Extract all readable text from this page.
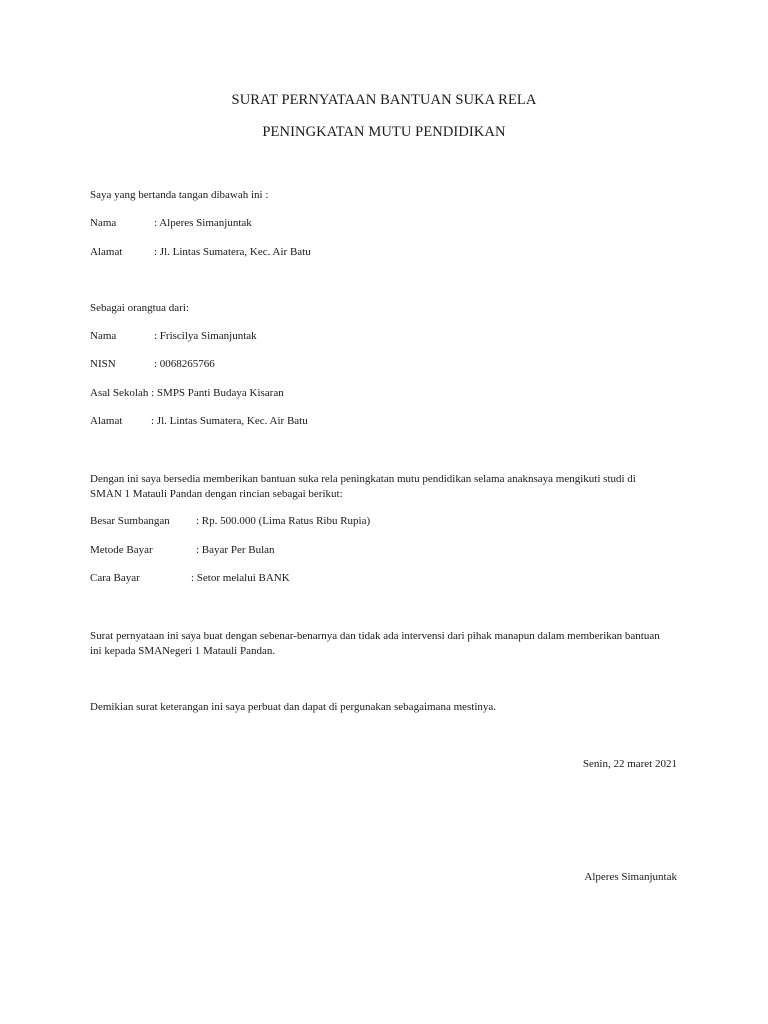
SURAT PERNYATAAN BANTUAN SUKA RELA
PENINGKATAN MUTU PENDIDIKAN
Saya yang bertanda tangan dibawah ini :
Nama	: Alperes Simanjuntak
Alamat	: Jl. Lintas Sumatera, Kec. Air Batu
Sebagai orangtua dari:
Nama	: Friscilya Simanjuntak
NISN	: 0068265766
Asal Sekolah : SMPS Panti Budaya Kisaran
Alamat	: Jl. Lintas Sumatera, Kec. Air Batu
Dengan ini saya bersedia memberikan bantuan suka rela peningkatan mutu pendidikan selama anaknsaya mengikuti studi di SMAN 1 Matauli Pandan dengan rincian sebagai berikut:
Besar Sumbangan : Rp. 500.000 (Lima Ratus Ribu Rupia)
Metode Bayar	: Bayar Per Bulan
Cara Bayar	: Setor melalui BANK
Surat pernyataan ini saya buat dengan sebenar-benarnya dan tidak ada intervensi dari pihak manapun dalam memberikan bantuan ini kepada SMANegeri 1 Matauli Pandan.
Demikian surat keterangan ini saya perbuat dan dapat di pergunakan sebagaimana mestinya.
Senin, 22 maret 2021
Alperes Simanjuntak
